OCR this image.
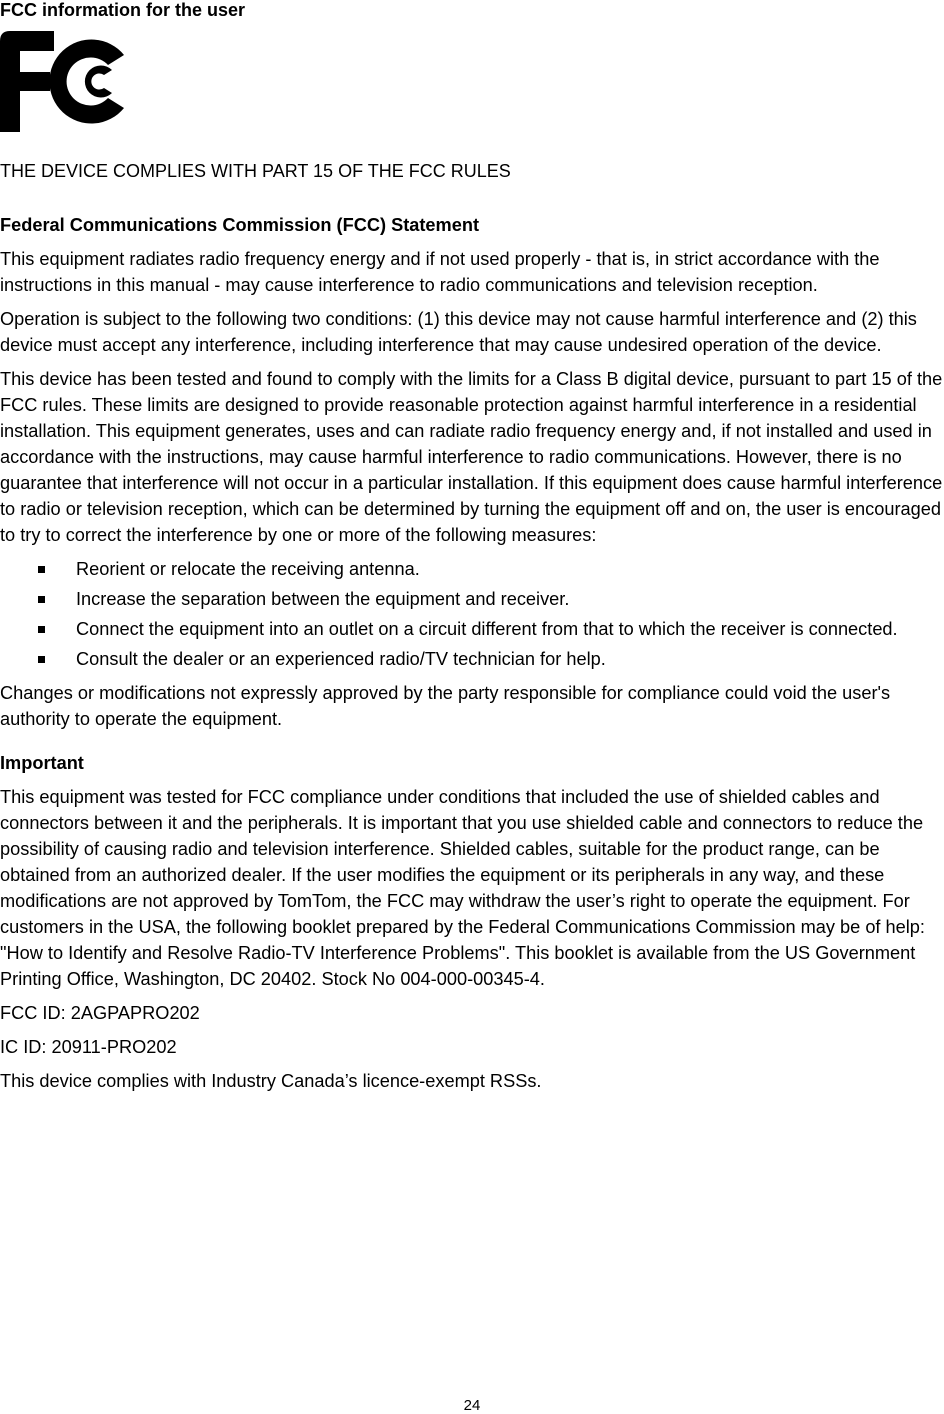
FCC information for the user
THE DEVICE COMPLIES WITH PART 15 OF THE FCC RULES
Federal Communications Commission (FCC) Statement

This equipment radiates radio frequency energy and if not used properly - that is, in strict accordance with the instructions in this manual - may cause interference to radio communications and television reception.

Operation is subject to the following two conditions: (1) this device may not cause harmful interference and (2) this device must accept any interference, including interference that may cause undesired operation of the device.

This device has been tested and found to comply with the limits for a Class B digital device, pursuant to part 15 of the FCC rules. These limits are designed to provide reasonable protection against harmful interference in a residential installation. This equipment generates, uses and can radiate radio frequency energy and, if not installed and used in accordance with the instructions, may cause harmful interference to radio communications. However, there is no guarantee that interference will not occur in a particular installation. If this equipment does cause harmful interference to radio or television reception, which can be determined by turning the equipment off and on, the user is encouraged to try to correct the interference by one or more of the following measures:

Reorient or relocate the receiving antenna.
Increase the separation between the equipment and receiver.
Connect the equipment into an outlet on a circuit different from that to which the receiver is connected.
Consult the dealer or an experienced radio/TV technician for help.

Changes or modifications not expressly approved by the party responsible for compliance could void the user's authority to operate the equipment.

Important

This equipment was tested for FCC compliance under conditions that included the use of shielded cables and connectors between it and the peripherals. It is important that you use shielded cable and connectors to reduce the possibility of causing radio and television interference. Shielded cables, suitable for the product range, can be obtained from an authorized dealer. If the user modifies the equipment or its peripherals in any way, and these modifications are not approved by TomTom, the FCC may withdraw the user’s right to operate the equipment. For customers in the USA, the following booklet prepared by the Federal Communications Commission may be of help: "How to Identify and Resolve Radio-TV Interference Problems". This booklet is available from the US Government Printing Office, Washington, DC 20402. Stock No 004-000-00345-4.

FCC ID: 2AGPAPRO202

IC ID: 20911-PRO202

This device complies with Industry Canada’s licence-exempt RSSs.

24
